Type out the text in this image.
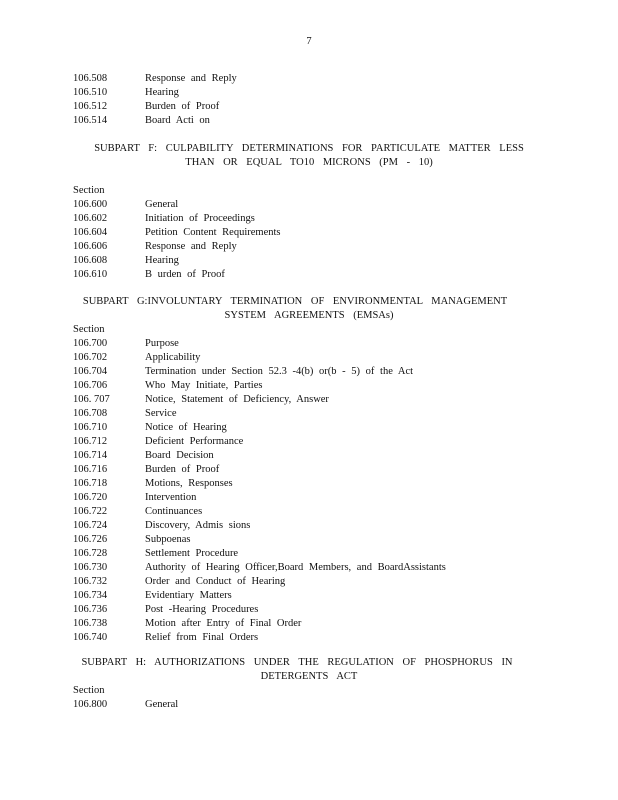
7
106.508	Response and Reply
106.510	Hearing
106.512	Burden of Proof
106.514	Board Acti on
SUBPART F: CULPABILITY DETERMINATIONS FOR PARTICULATE MATTER LESS
THAN OR EQUAL TO10 MICRONS (PM - 10)
Section
106.600	General
106.602	Initiation of Proceedings
106.604	Petition Content Requirements
106.606	Response and Reply
106.608	Hearing
106.610	B urden of Proof
SUBPART G:INVOLUNTARY TERMINATION OF ENVIRONMENTAL MANAGEMENT
SYSTEM AGREEMENTS (EMSAs)
Section
106.700	Purpose
106.702	Applicability
106.704	Termination under Section 52.3 -4(b) or(b - 5) of the Act
106.706	Who May Initiate, Parties
106. 707	Notice, Statement of Deficiency, Answer
106.708	Service
106.710	Notice of Hearing
106.712	Deficient Performance
106.714	Board Decision
106.716	Burden of Proof
106.718	Motions, Responses
106.720	Intervention
106.722	Continuances
106.724	Discovery, Admis sions
106.726	Subpoenas
106.728	Settlement Procedure
106.730	Authority of Hearing Officer,Board Members, and BoardAssistants
106.732	Order and Conduct of Hearing
106.734	Evidentiary Matters
106.736	Post -Hearing Procedures
106.738	Motion after Entry of Final Order
106.740	Relief from Final Orders
SUBPART H: AUTHORIZATIONS UNDER THE REGULATION OF PHOSPHORUS IN
DETERGENTS ACT
Section
106.800	General
